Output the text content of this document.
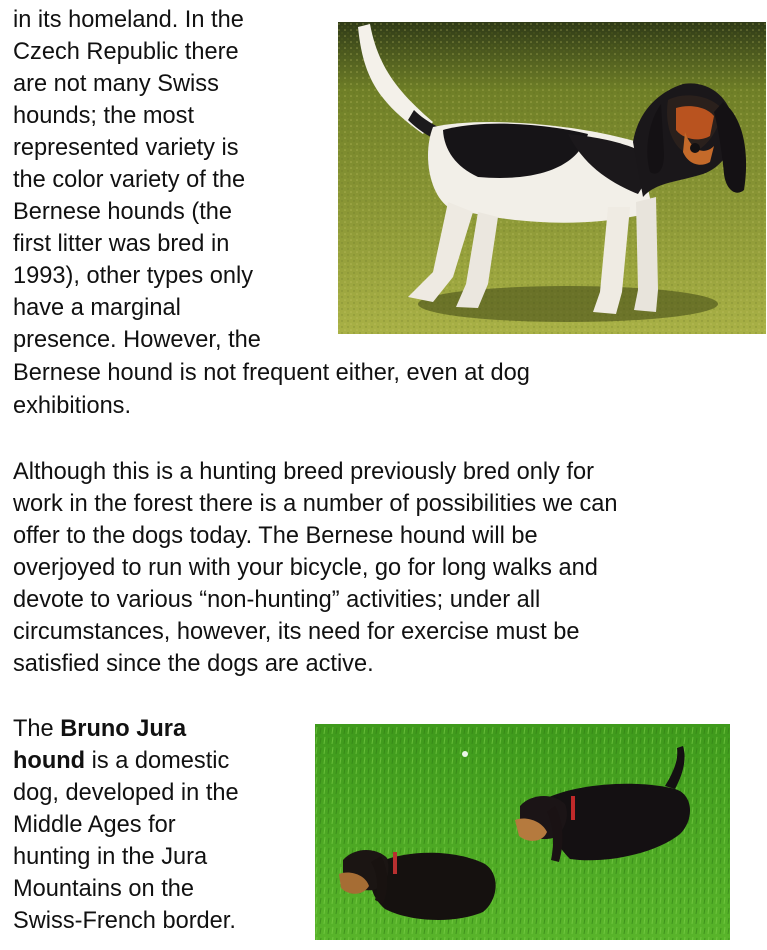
in its homeland. In the
Czech Republic there
are not many Swiss
hounds; the most
represented variety is
the color variety of the
Bernese hounds (the
first litter was bred in
1993), other types only
have a marginal
presence. However, the
Bernese hound is not frequent either, even at dog
exhibitions.
Although this is a hunting breed previously bred only for
work in the forest there is a number of possibilities we can
offer to the dogs today. The Bernese hound will be
overjoyed to run with your bicycle, go for long walks and
devote to various “non-hunting” activities; under all
circumstances, however, its need for exercise must be
satisfied since the dogs are active.
The Bruno Jura
hound is a domestic
dog, developed in the
Middle Ages for
hunting in the Jura
Mountains on the
Swiss-French border.
